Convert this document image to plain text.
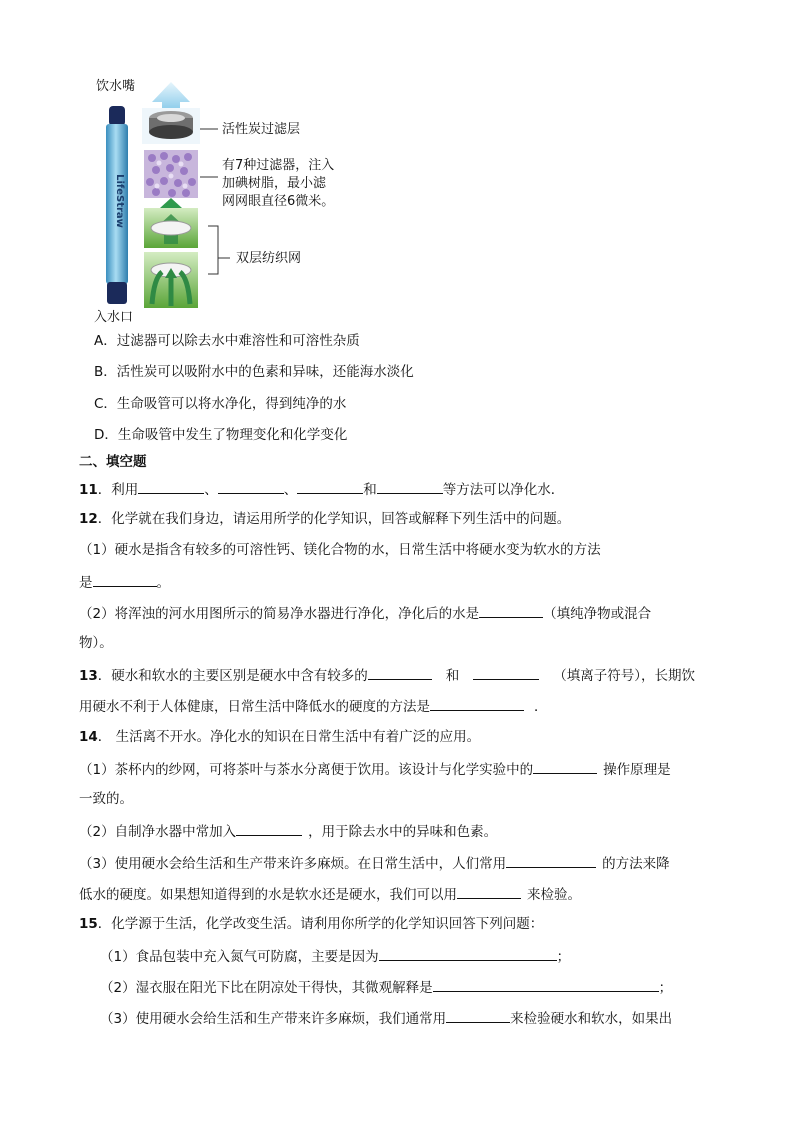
饮水嘴
LifeStraw
活性炭过滤层
有7种过滤器，注入
加碘树脂，最小滤
网网眼直径6微米。
双层纺织网
入水口
A．过滤器可以除去水中难溶性和可溶性杂质
B．活性炭可以吸附水中的色素和异味，还能海水淡化
C．生命吸管可以将水净化，得到纯净的水
D．生命吸管中发生了物理变化和化学变化
二、填空题
11．利用	、	、	和	等方法可以净化水．
12．化学就在我们身边，请运用所学的化学知识，回答或解释下列生活中的问题。
（1）硬水是指含有较多的可溶性钙、镁化合物的水，日常生活中将硬水变为软水的方法
是	。
（2）将浑浊的河水用图所示的简易净水器进行净化，净化后的水是	（填纯净物或混合
物）。
13．硬水和软水的主要区别是硬水中含有较多的	和	（填离子符号），长期饮
用硬水不利于人体健康，日常生活中降低水的硬度的方法是	．
14． 生活离不开水。净化水的知识在日常生活中有着广泛的应用。
（1）茶杯内的纱网，可将茶叶与茶水分离便于饮用。该设计与化学实验中的	操作原理是
一致的。
（2）自制净水器中常加入	，用于除去水中的异味和色素。
（3）使用硬水会给生活和生产带来许多麻烦。在日常生活中，人们常用	的方法来降
低水的硬度。如果想知道得到的水是软水还是硬水，我们可以用	来检验。
15．化学源于生活，化学改变生活。请利用你所学的化学知识回答下列问题：
（1）食品包装中充入氮气可防腐，主要是因为	；
（2）湿衣服在阳光下比在阴凉处干得快，其微观解释是	；
（3）使用硬水会给生活和生产带来许多麻烦，我们通常用	来检验硬水和软水，如果出
